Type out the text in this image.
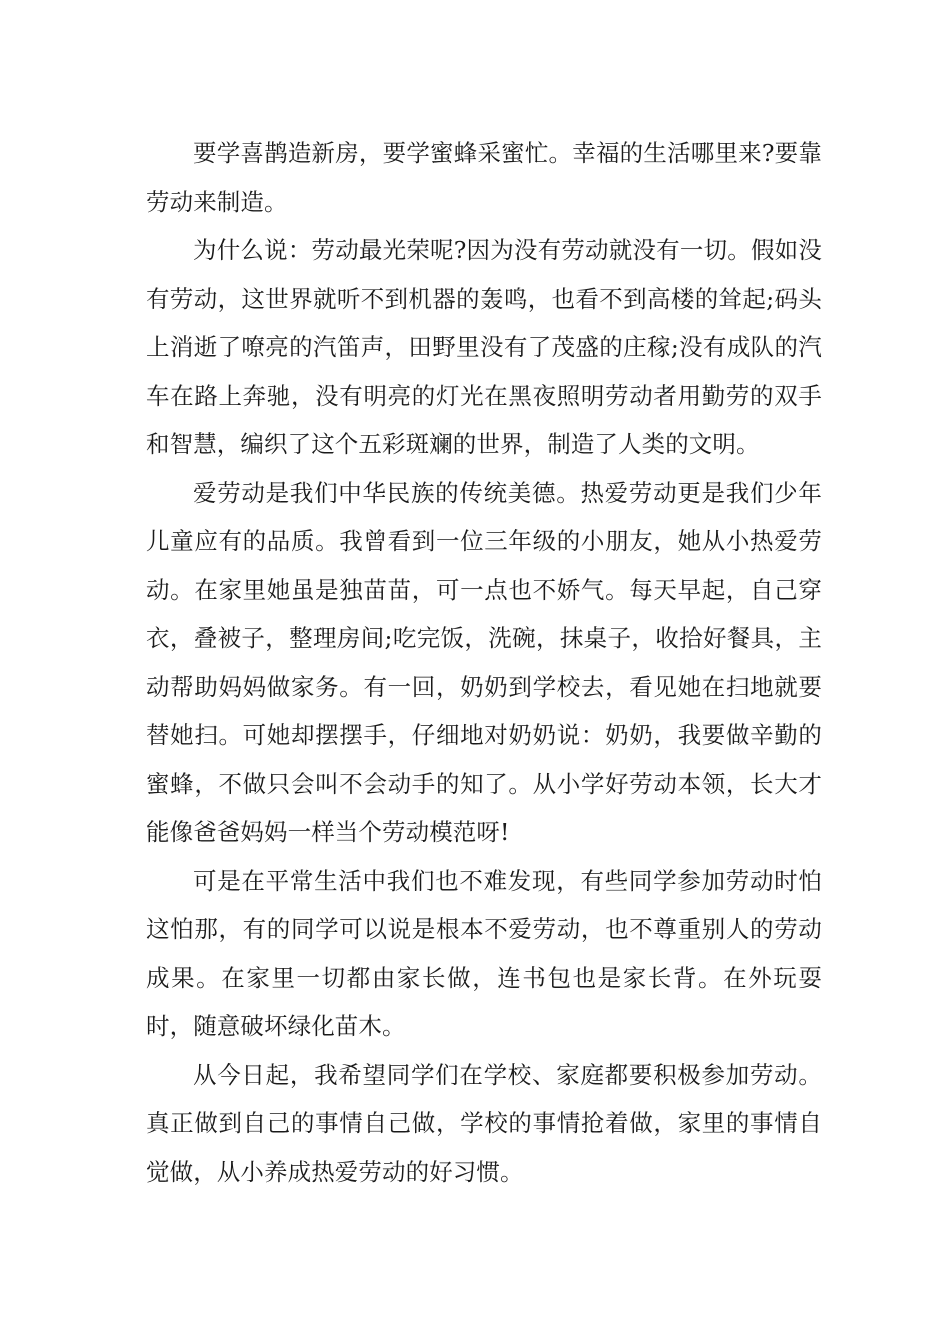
要学喜鹊造新房，要学蜜蜂采蜜忙。幸福的生活哪里来?要靠劳动来制造。

为什么说：劳动最光荣呢?因为没有劳动就没有一切。假如没有劳动，这世界就听不到机器的轰鸣，也看不到高楼的耸起;码头上消逝了嘹亮的汽笛声，田野里没有了茂盛的庄稼;没有成队的汽车在路上奔驰，没有明亮的灯光在黑夜照明劳动者用勤劳的双手和智慧，编织了这个五彩斑斓的世界，制造了人类的文明。

爱劳动是我们中华民族的传统美德。热爱劳动更是我们少年儿童应有的品质。我曾看到一位三年级的小朋友，她从小热爱劳动。在家里她虽是独苗苗，可一点也不娇气。每天早起，自己穿衣，叠被子，整理房间;吃完饭，洗碗，抹桌子，收拾好餐具，主动帮助妈妈做家务。有一回，奶奶到学校去，看见她在扫地就要替她扫。可她却摆摆手，仔细地对奶奶说：奶奶，我要做辛勤的蜜蜂，不做只会叫不会动手的知了。从小学好劳动本领，长大才能像爸爸妈妈一样当个劳动模范呀!

可是在平常生活中我们也不难发现，有些同学参加劳动时怕这怕那，有的同学可以说是根本不爱劳动，也不尊重别人的劳动成果。在家里一切都由家长做，连书包也是家长背。在外玩耍时，随意破坏绿化苗木。

从今日起，我希望同学们在学校、家庭都要积极参加劳动。真正做到自己的事情自己做，学校的事情抢着做，家里的事情自觉做，从小养成热爱劳动的好习惯。
